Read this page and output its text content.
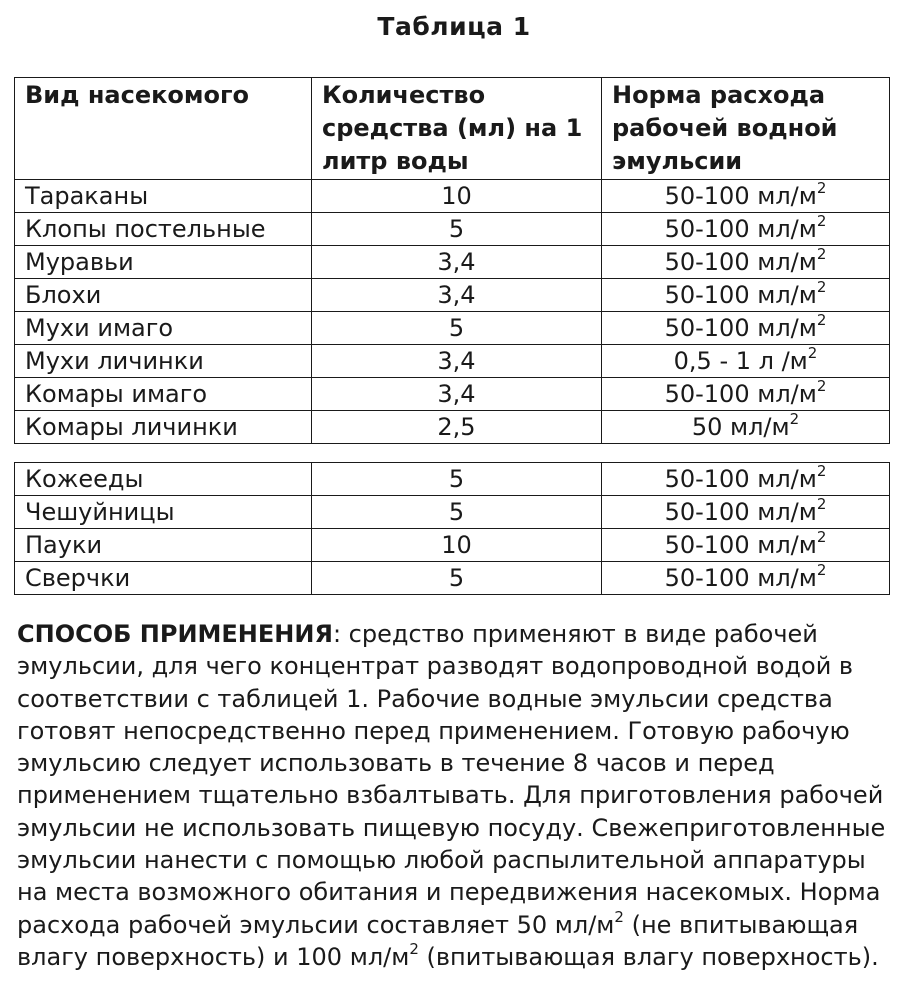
Таблица 1
Вид насекомого	Количество средства (мл) на 1 литр воды	Норма расхода рабочей водной эмульсии
Тараканы	10	50-100 $мл/м^2$
Клопы постельные	5	50-100 $мл/м^2$
Муравьи	3,4	50-100 $мл/м^2$
Блохи	3,4	50-100 $мл/м^2$
Мухи имаго	5	50-100 $мл/м^2$
Мухи личинки	3,4	0,5 - 1 л $/м^2$
Комары имаго	3,4	50-100 $мл/м^2$
Комары личинки	2,5	50 $мл/м^2$
Кожееды	5	50-100 $мл/м^2$
Чешуйницы	5	50-100 $мл/м^2$
Пауки	10	50-100 $мл/м^2$
Сверчки	5	50-100 $мл/м^2$
СПОСОБ ПРИМЕНЕНИЯ: средство применяют в виде рабочей эмульсии, для чего концентрат разводят водопроводной водой в соответствии с таблицей 1. Рабочие водные эмульсии средства готовят непосредственно перед применением. Готовую рабочую эмульсию следует использовать в течение 8 часов и перед применением тщательно взбалтывать. Для приготовления рабочей эмульсии не использовать пищевую посуду. Свежеприготовленные эмульсии нанести с помощью любой распылительной аппаратуры на места возможного обитания и передвижения насекомых. Норма расхода рабочей эмульсии составляет 50 $мл/м^2$ (не впитывающая влагу поверхность) и 100 $мл/м^2$ (впитывающая влагу поверхность).
